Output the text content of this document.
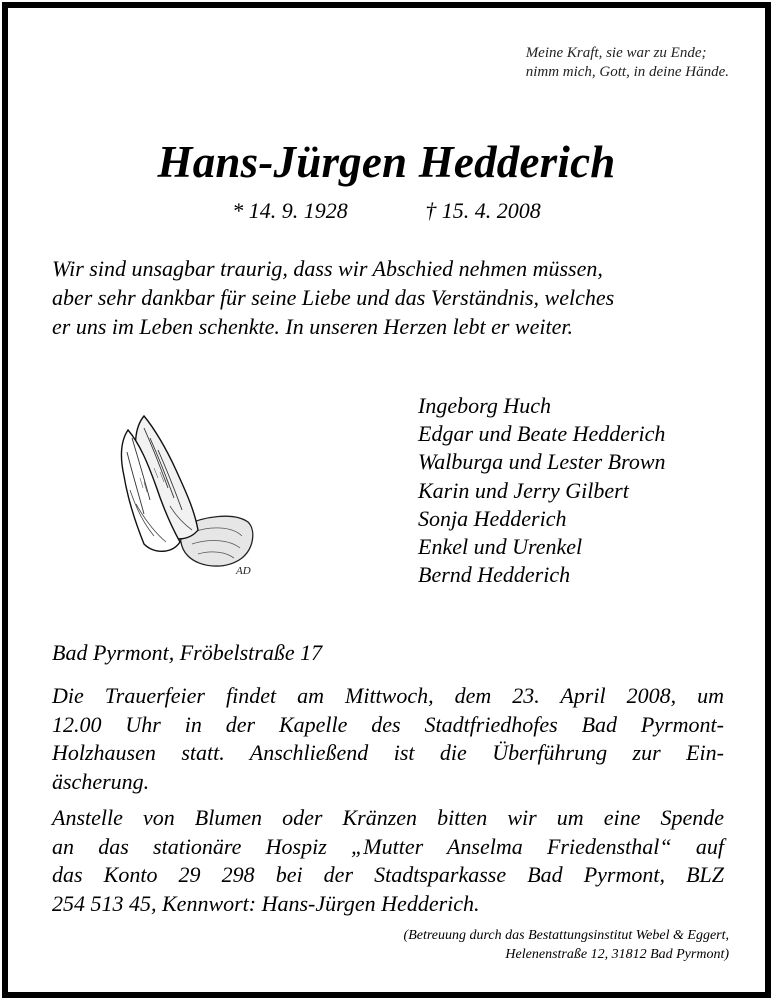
Meine Kraft, sie war zu Ende;
nimm mich, Gott, in deine Hände.
Hans-Jürgen Hedderich
* 14. 9. 1928	† 15. 4. 2008
Wir sind unsagbar traurig, dass wir Abschied nehmen müssen,
aber sehr dankbar für seine Liebe und das Verständnis, welches
er uns im Leben schenkte. In unseren Herzen lebt er weiter.
AD
Ingeborg Huch
Edgar und Beate Hedderich
Walburga und Lester Brown
Karin und Jerry Gilbert
Sonja Hedderich
Enkel und Urenkel
Bernd Hedderich
Bad Pyrmont, Fröbelstraße 17
Die Trauerfeier findet am Mittwoch, dem 23. April 2008, um
12.00 Uhr in der Kapelle des Stadtfriedhofes Bad Pyrmont-
Holzhausen statt. Anschließend ist die Überführung zur Ein-
äscherung.
Anstelle von Blumen oder Kränzen bitten wir um eine Spende
an das stationäre Hospiz „Mutter Anselma Friedensthal“ auf
das Konto 29 298 bei der Stadtsparkasse Bad Pyrmont, BLZ
254 513 45, Kennwort: Hans-Jürgen Hedderich.
(Betreuung durch das Bestattungsinstitut Webel & Eggert,
Helenenstraße 12, 31812 Bad Pyrmont)
